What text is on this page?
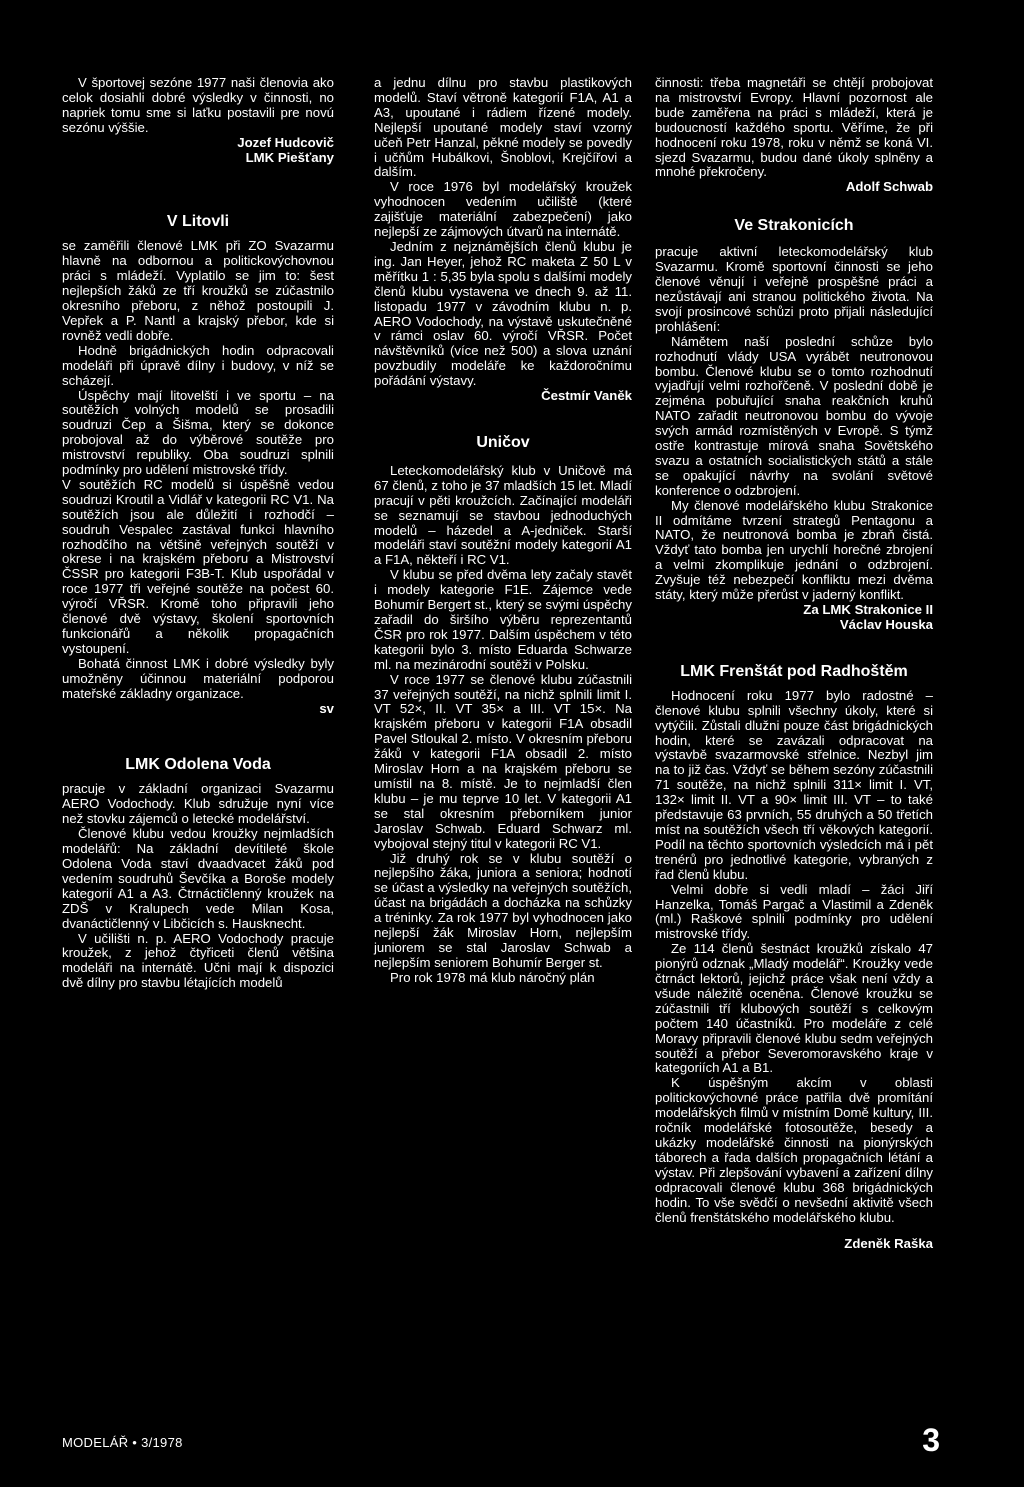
V športovej sezóne 1977 naši členovia ako celok dosiahli dobré výsledky v činnosti, no napriek tomu sme si laťku postavili pre novú sezónu výššie.

Jozef Hudcovič

LMK Piešťany

V Litovli

se zaměřili členové LMK při ZO Svazarmu hlavně na odbornou a politickovýchovnou práci s mládeží. Vyplatilo se jim to: šest nejlepších žáků ze tří kroužků se zúčastnilo okresního přeboru, z něhož postoupili J. Vepřek a P. Nantl a krajský přebor, kde si rovněž vedli dobře.

Hodně brigádnických hodin odpracovali modeláři při úpravě dílny i budovy, v níž se scházejí.

Úspěchy mají litovelští i ve sportu – na soutěžích volných modelů se prosadili soudruzi Čep a Šišma, který se dokonce probojoval až do výběrové soutěže pro mistrovství republiky. Oba soudruzi splnili podmínky pro udělení mistrovské třídy.

V soutěžích RC modelů si úspěšně vedou soudruzi Kroutil a Vidlář v kategorii RC V1. Na soutěžích jsou ale důležití i rozhodčí – soudruh Vespalec zastával funkci hlavního rozhodčího na většině veřejných soutěží v okrese i na krajském přeboru a Mistrovství ČSSR pro kategorii F3B-T. Klub uspořádal v roce 1977 tři veřejné soutěže na počest 60. výročí VŘSR. Kromě toho připravili jeho členové dvě výstavy, školení sportovních funkcionářů a několik propagačních vystoupení.

Bohatá činnost LMK i dobré výsledky byly umožněny účinnou materiální podporou mateřské základny organizace.

sv

LMK Odolena Voda

pracuje v základní organizaci Svazarmu AERO Vodochody. Klub sdružuje nyní více než stovku zájemců o letecké modelářství.

Členové klubu vedou kroužky nejmladších modelářů: Na základní devítileté škole Odolena Voda staví dvaadvacet žáků pod vedením soudruhů Ševčíka a Boroše modely kategorií A1 a A3. Čtrnáctičlenný kroužek na ZDŠ v Kralupech vede Milan Kosa, dvanáctičlenný v Libčicích s. Hausknecht.

V učilišti n. p. AERO Vodochody pracuje kroužek, z jehož čtyřiceti členů většina modeláři na internátě. Učni mají k dispozici dvě dílny pro stavbu létajících modelů

a jednu dílnu pro stavbu plastikových modelů. Staví větroně kategorií F1A, A1 a A3, upoutané i rádiem řízené modely. Nejlepší upoutané modely staví vzorný učeň Petr Hanzal, pěkné modely se povedly i učňům Hubálkovi, Šnoblovi, Krejčířovi a dalším.

V roce 1976 byl modelářský kroužek vyhodnocen vedením učiliště (které zajišťuje materiální zabezpečení) jako nejlepší ze zájmových útvarů na internátě.

Jedním z nejznámějších členů klubu je ing. Jan Heyer, jehož RC maketa Z 50 L v měřítku 1 : 5,35 byla spolu s dalšími modely členů klubu vystavena ve dnech 9. až 11. listopadu 1977 v závodním klubu n. p. AERO Vodochody, na výstavě uskutečněné v rámci oslav 60. výročí VŘSR. Počet návštěvníků (více než 500) a slova uznání povzbudily modeláře ke každoročnímu pořádání výstavy.

Čestmír Vaněk

Uničov

Leteckomodelářský klub v Uničově má 67 členů, z toho je 37 mladších 15 let. Mladí pracují v pěti kroužcích. Začínající modeláři se seznamují se stavbou jednoduchých modelů – házedel a A-jedniček. Starší modeláři staví soutěžní modely kategorií A1 a F1A, někteří i RC V1.

V klubu se před dvěma lety začaly stavět i modely kategorie F1E. Zájemce vede Bohumír Bergert st., který se svými úspěchy zařadil do širšího výběru reprezentantů ČSR pro rok 1977. Dalším úspěchem v této kategorii bylo 3. místo Eduarda Schwarze ml. na mezinárodní soutěži v Polsku.

V roce 1977 se členové klubu zúčastnili 37 veřejných soutěží, na nichž splnili limit I. VT 52×, II. VT 35× a III. VT 15×. Na krajském přeboru v kategorii F1A obsadil Pavel Stloukal 2. místo. V okresním přeboru žáků v kategorii F1A obsadil 2. místo Miroslav Horn a na krajském přeboru se umístil na 8. místě. Je to nejmladší člen klubu – je mu teprve 10 let. V kategorii A1 se stal okresním přeborníkem junior Jaroslav Schwab. Eduard Schwarz ml. vybojoval stejný titul v kategorii RC V1.

Již druhý rok se v klubu soutěží o nejlepšího žáka, juniora a seniora; hodnotí se účast a výsledky na veřejných soutěžích, účast na brigádách a docházka na schůzky a tréninky. Za rok 1977 byl vyhodnocen jako nejlepší žák Miroslav Horn, nejlepším juniorem se stal Jaroslav Schwab a nejlepším seniorem Bohumír Berger st.

Pro rok 1978 má klub náročný plán

činnosti: třeba magnetáři se chtějí probojovat na mistrovství Evropy. Hlavní pozornost ale bude zaměřena na práci s mládeží, která je budoucností každého sportu. Věříme, že při hodnocení roku 1978, roku v němž se koná VI. sjezd Svazarmu, budou dané úkoly splněny a mnohé překročeny.

Adolf Schwab

Ve Strakonicích

pracuje aktivní leteckomodelářský klub Svazarmu. Kromě sportovní činnosti se jeho členové věnují i veřejně prospěšné práci a nezůstávají ani stranou politického života. Na svojí prosincové schůzi proto přijali následující prohlášení:

Námětem naší poslední schůze bylo rozhodnutí vlády USA vyrábět neutronovou bombu. Členové klubu se o tomto rozhodnutí vyjadřují velmi rozhořčeně. V poslední době je zejména pobuřující snaha reakčních kruhů NATO zařadit neutronovou bombu do vývoje svých armád rozmístěných v Evropě. S týmž ostře kontrastuje mírová snaha Sovětského svazu a ostatních socialistických států a stále se opakující návrhy na svolání světové konference o odzbrojení.

My členové modelářského klubu Strakonice II odmítáme tvrzení strategů Pentagonu a NATO, že neutronová bomba je zbraň čistá. Vždyť tato bomba jen urychlí horečné zbrojení a velmi zkomplikuje jednání o odzbrojení. Zvyšuje též nebezpečí konfliktu mezi dvěma státy, který může přerůst v jaderný konflikt.

Za LMK Strakonice II

Václav Houska

LMK Frenštát pod Radhoštěm

Hodnocení roku 1977 bylo radostné – členové klubu splnili všechny úkoly, které si vytýčili. Zůstali dlužni pouze část brigádnických hodin, které se zavázali odpracovat na výstavbě svazarmovské střelnice. Nezbyl jim na to již čas. Vždyť se během sezóny zúčastnili 71 soutěže, na nichž splnili 311× limit I. VT, 132× limit II. VT a 90× limit III. VT – to také představuje 63 prvních, 55 druhých a 50 třetích míst na soutěžích všech tří věkových kategorií. Podíl na těchto sportovních výsledcích má i pět trenérů pro jednotlivé kategorie, vybraných z řad členů klubu.

Velmi dobře si vedli mladí – žáci Jiří Hanzelka, Tomáš Pargač a Vlastimil a Zdeněk (ml.) Raškové splnili podmínky pro udělení mistrovské třídy.

Ze 114 členů šestnáct kroužků získalo 47 pionýrů odznak „Mladý modelář“. Kroužky vede čtrnáct lektorů, jejichž práce však není vždy a všude náležitě oceněna. Členové kroužku se zúčastnili tří klubových soutěží s celkovým počtem 140 účastníků. Pro modeláře z celé Moravy připravili členové klubu sedm veřejných soutěží a přebor Severomoravského kraje v kategoriích A1 a B1.

K úspěšným akcím v oblasti politickovýchovné práce patřila dvě promítání modelářských filmů v místním Domě kultury, III. ročník modelářské fotosoutěže, besedy a ukázky modelářské činnosti na pionýrských táborech a řada dalších propagačních létání a výstav. Při zlepšování vybavení a zařízení dílny odpracovali členové klubu 368 brigádnických hodin. To vše svědčí o nevšední aktivitě všech členů frenštátského modelářského klubu.

Zdeněk Raška

MODELÁŘ • 3/1978	3
